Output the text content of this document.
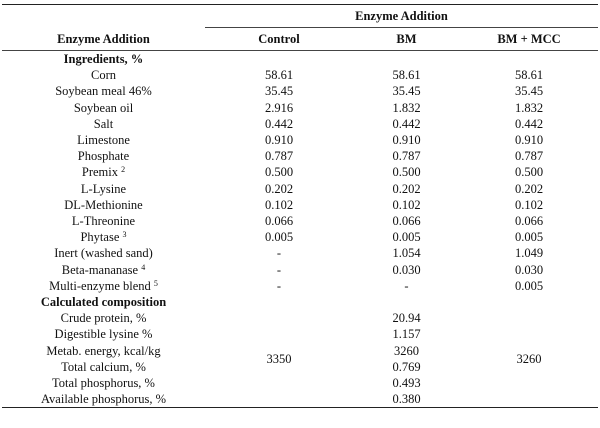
	Enzyme Addition		
Enzyme Addition	Control	BM	BM + MCC
Ingredients, %			
Corn	58.61	58.61	58.61
Soybean meal 46%	35.45	35.45	35.45
Soybean oil	2.916	1.832	1.832
Salt	0.442	0.442	0.442
Limestone	0.910	0.910	0.910
Phosphate	0.787	0.787	0.787
Premix $^2$	0.500	0.500	0.500
L-Lysine	0.202	0.202	0.202
DL-Methionine	0.102	0.102	0.102
L-Threonine	0.066	0.066	0.066
Phytase $^3$	0.005	0.005	0.005
Inert (washed sand)	-	1.054	1.049
Beta-mananase $^4$	-	0.030	0.030
Multi-enzyme blend $^5$	-	-	0.005
Calculated composition			
Crude protein, %	3350	20.94	3260
Digestible lysine %		1.157	
Metab. energy, kcal/kg		3260	
Total calcium, %		0.769	
Total phosphorus, %		0.493	
Available phosphorus, %		0.380	
